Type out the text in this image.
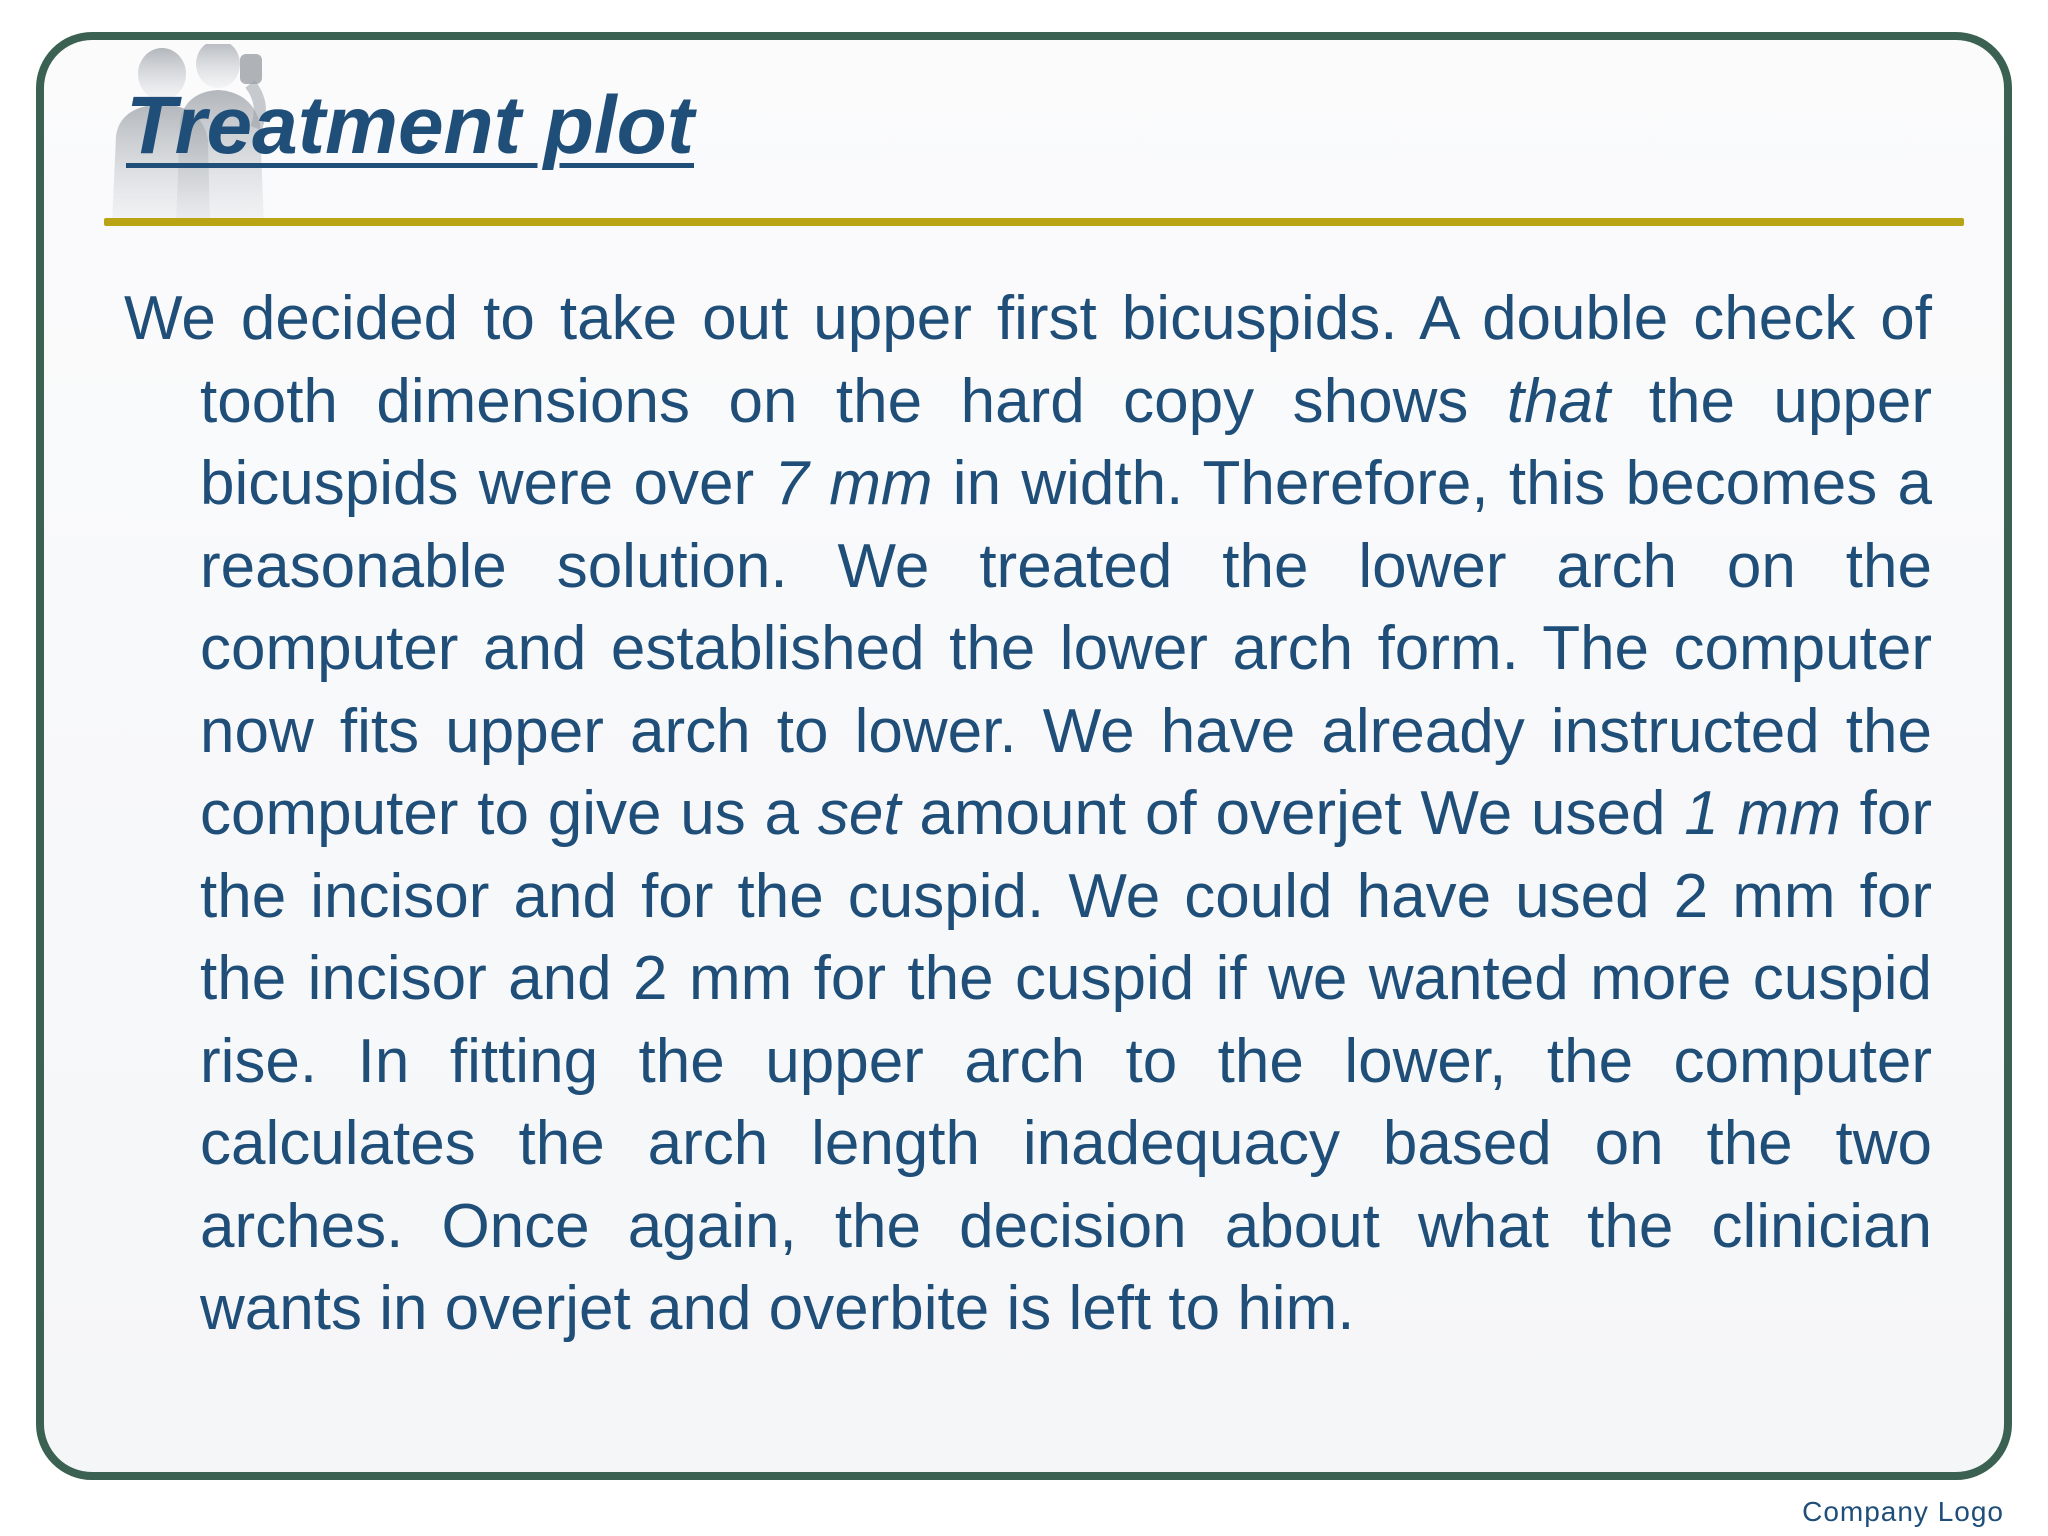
Treatment plot

We decided to take out upper first bicuspids. A double check of tooth dimensions on the hard copy shows that the upper bicuspids were over 7 mm in width. Therefore, this becomes a reasonable solution. We treated the lower arch on the computer and established the lower arch form. The computer now fits upper arch to lower. We have already instructed the computer to give us a set amount of overjet We used 1 mm for the incisor and for the cuspid. We could have used 2 mm for the incisor and 2 mm for the cuspid if we wanted more cuspid rise. In fitting the upper arch to the lower, the computer calculates the arch length inadequacy based on the two arches. Once again, the decision about what the clinician wants in overjet and overbite is left to him.

Company Logo
